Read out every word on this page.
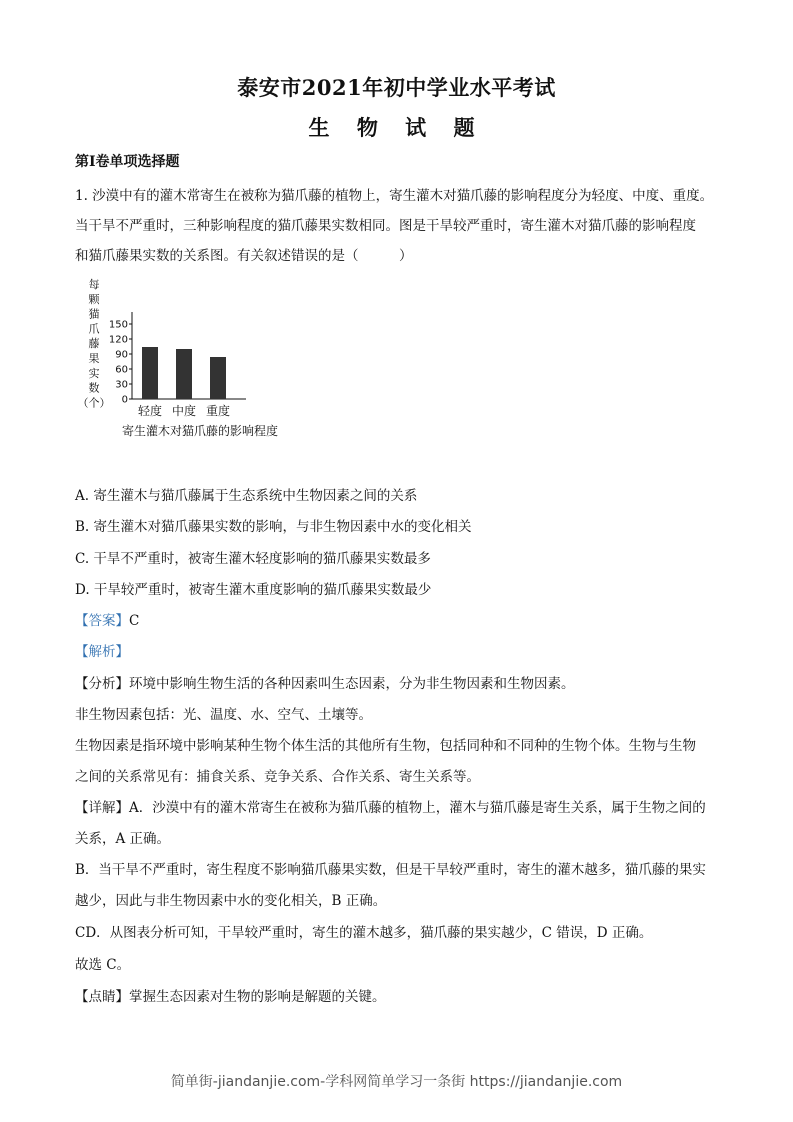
泰安市2021年初中学业水平考试
生 物 试 题
第Ⅰ卷单项选择题
1. 沙漠中有的灌木常寄生在被称为猫爪藤的植物上，寄生灌木对猫爪藤的影响程度分为轻度、中度、重度。
当干旱不严重时，三种影响程度的猫爪藤果实数相同。图是干旱较严重时，寄生灌木对猫爪藤的影响程度
和猫爪藤果实数的关系图。有关叙述错误的是（　　　）
每
颗
猫
爪
藤
果
实
数
（个） 0
30
60
90
120
150
轻度 中度 重度
寄生灌木对猫爪藤的影响程度
A. 寄生灌木与猫爪藤属于生态系统中生物因素之间的关系
B. 寄生灌木对猫爪藤果实数的影响，与非生物因素中水的变化相关
C. 干旱不严重时，被寄生灌木轻度影响的猫爪藤果实数最多
D. 干旱较严重时，被寄生灌木重度影响的猫爪藤果实数最少
【答案】C
【解析】
【分析】环境中影响生物生活的各种因素叫生态因素，分为非生物因素和生物因素。
非生物因素包括：光、温度、水、空气、土壤等。
生物因素是指环境中影响某种生物个体生活的其他所有生物，包括同种和不同种的生物个体。生物与生物
之间的关系常见有：捕食关系、竞争关系、合作关系、寄生关系等。
【详解】A．沙漠中有的灌木常寄生在被称为猫爪藤的植物上，灌木与猫爪藤是寄生关系，属于生物之间的
关系，A 正确。
B．当干旱不严重时，寄生程度不影响猫爪藤果实数，但是干旱较严重时，寄生的灌木越多，猫爪藤的果实
越少，因此与非生物因素中水的变化相关，B 正确。
CD．从图表分析可知，干旱较严重时，寄生的灌木越多，猫爪藤的果实越少，C 错误，D 正确。
故选 C。
【点睛】掌握生态因素对生物的影响是解题的关键。
简单街-jiandanjie.com-学科网简单学习一条街 https://jiandanjie.com
